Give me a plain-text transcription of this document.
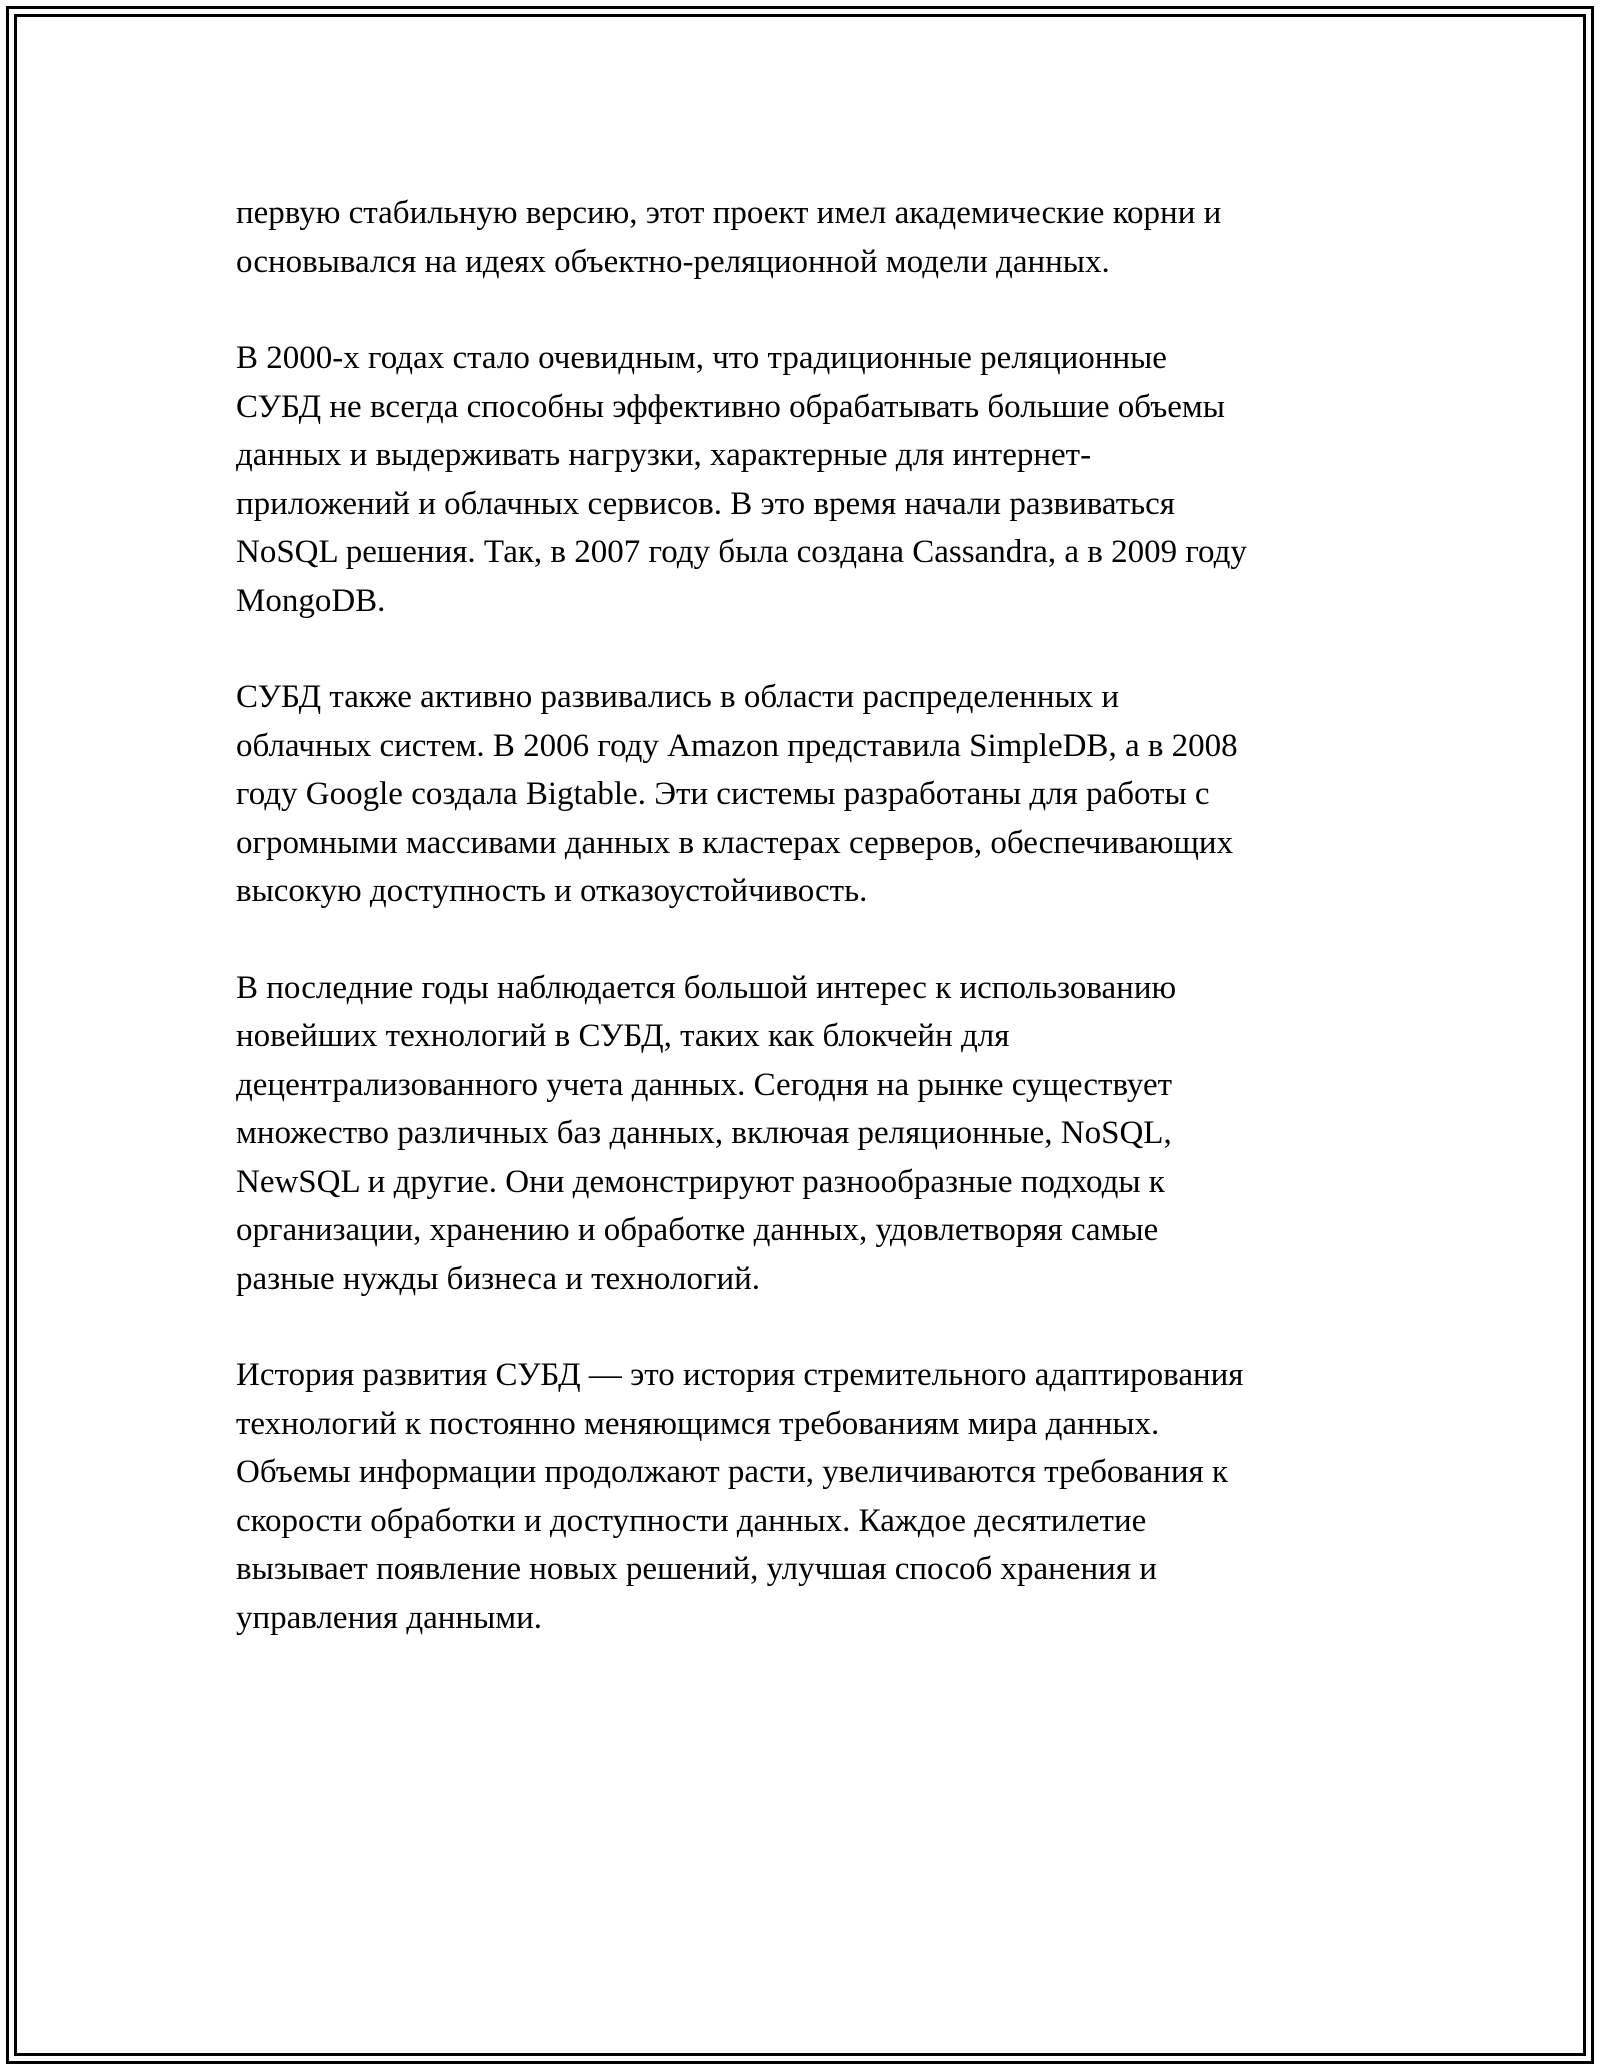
первую стабильную версию, этот проект имел академические корни и
основывался на идеях объектно-реляционной модели данных.

В 2000-х годах стало очевидным, что традиционные реляционные
СУБД не всегда способны эффективно обрабатывать большие объемы
данных и выдерживать нагрузки, характерные для интернет-
приложений и облачных сервисов. В это время начали развиваться
NoSQL решения. Так, в 2007 году была создана Cassandra, а в 2009 году
MongoDB.

СУБД также активно развивались в области распределенных и
облачных систем. В 2006 году Amazon представила SimpleDB, а в 2008
году Google создала Bigtable. Эти системы разработаны для работы с
огромными массивами данных в кластерах серверов, обеспечивающих
высокую доступность и отказоустойчивость.

В последние годы наблюдается большой интерес к использованию
новейших технологий в СУБД, таких как блокчейн для
децентрализованного учета данных. Сегодня на рынке существует
множество различных баз данных, включая реляционные, NoSQL,
NewSQL и другие. Они демонстрируют разнообразные подходы к
организации, хранению и обработке данных, удовлетворяя самые
разные нужды бизнеса и технологий.

История развития СУБД — это история стремительного адаптирования
технологий к постоянно меняющимся требованиям мира данных.
Объемы информации продолжают расти, увеличиваются требования к
скорости обработки и доступности данных. Каждое десятилетие
вызывает появление новых решений, улучшая способ хранения и
управления данными.
